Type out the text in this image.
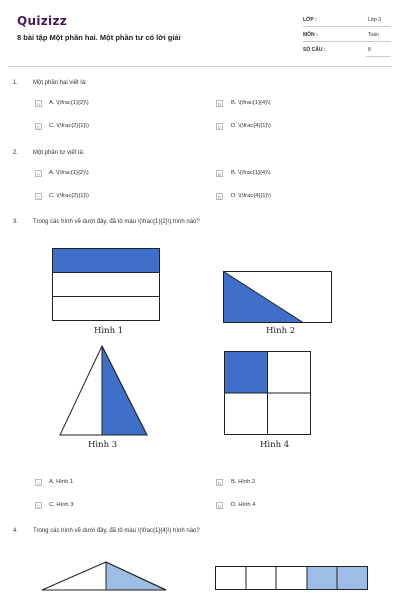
Quizizz
8 bài tập Một phần hai. Một phần tư có lời giải
LỚP :	Lớp 3
MÔN :	Toán
SỐ CÂU :	8
1. Một phần hai viết là:
A	A. \(\frac{1}{2}\)	B	B. \(\frac{1}{4}\)
C	C. \(\frac{2}{1}\)	D	D. \(\frac{4}{1}\)
2. Một phần tư viết là:
A	A. \(\frac{1}{2}\)	B	B. \(\frac{1}{4}\)
C	C. \(\frac{2}{1}\)	D	D. \(\frac{4}{1}\)
3. Trong các hình vẽ dưới đây, đã tô màu \(\frac{1}{2}\) hình nào?
Hình 1	Hình 2
Hình 3	Hình 4
A	A. Hình 1	B	B. Hình 2
C	C. Hình 3	D	D. Hình 4
4. Trong các hình vẽ dưới đây, đã tô màu \(\frac{1}{4}\) hình nào?
